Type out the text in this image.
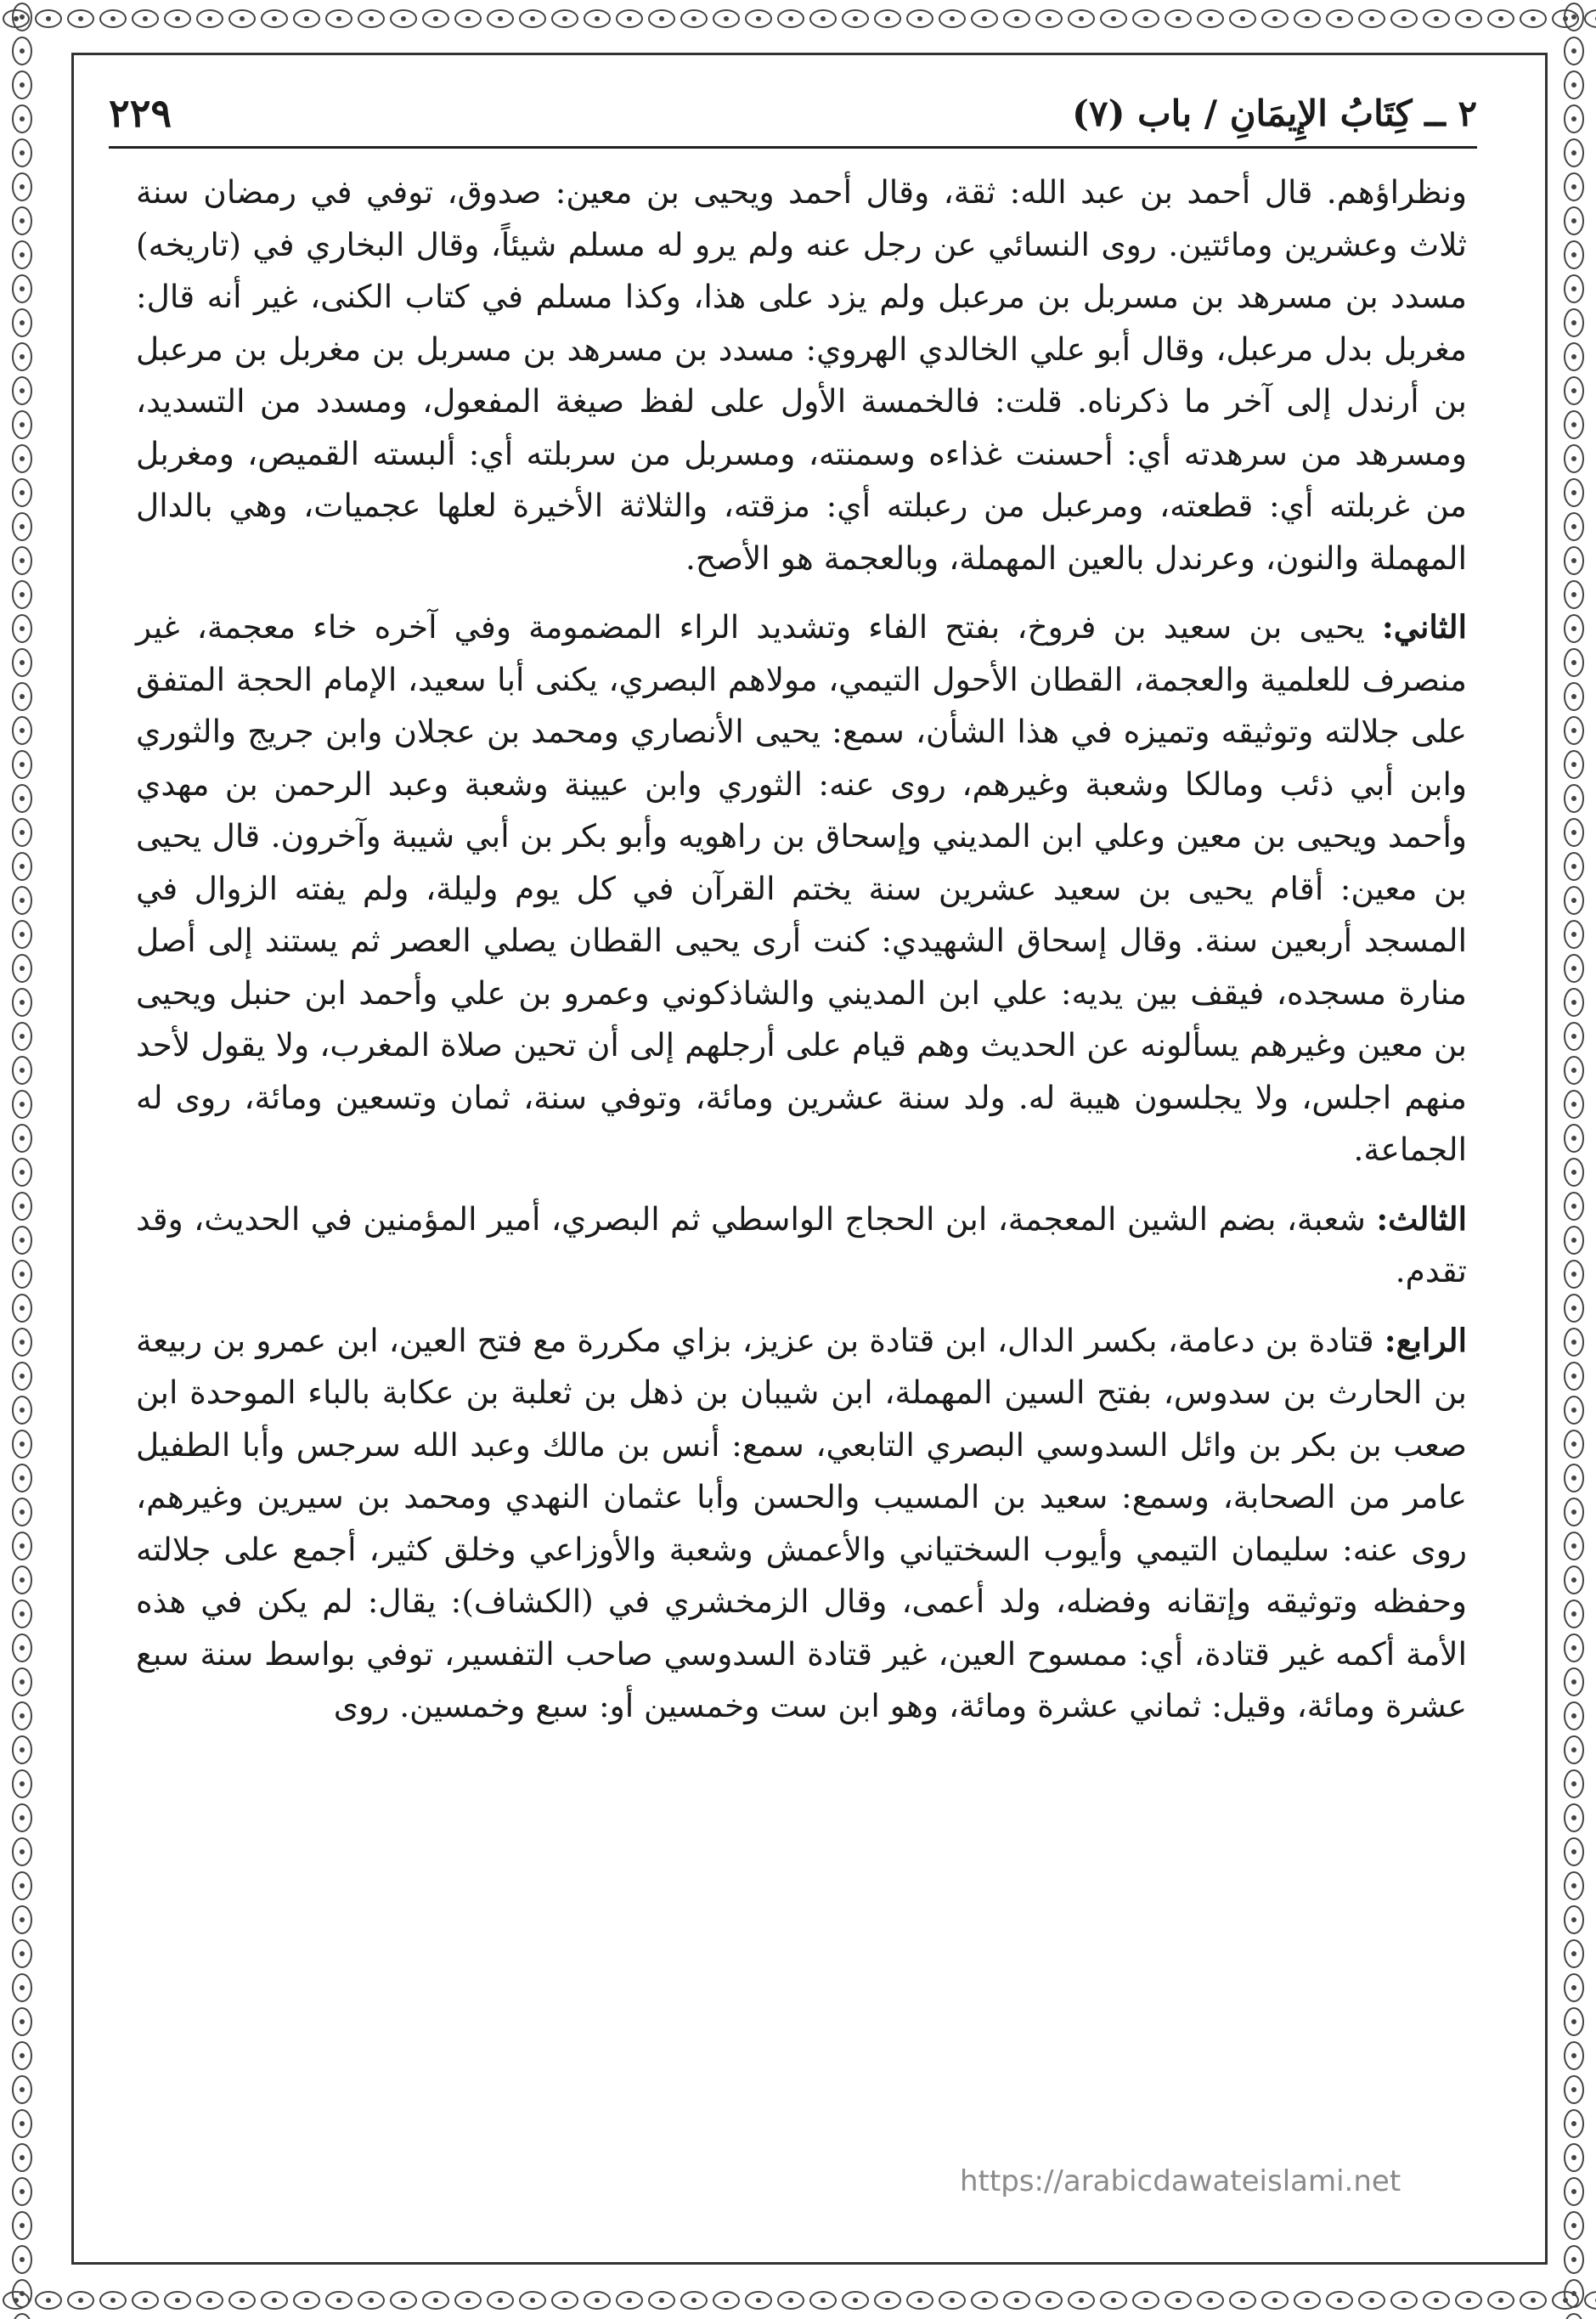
٢ ــ كِتَابُ الإِيمَانِ / باب (٧)
٢٢٩

ونظراؤهم. قال أحمد بن عبد الله: ثقة، وقال أحمد ويحيى بن معين: صدوق، توفي في رمضان سنة ثلاث وعشرين ومائتين. روى النسائي عن رجل عنه ولم يرو له مسلم شيئاً، وقال البخاري في (تاريخه) مسدد بن مسرهد بن مسربل بن مرعبل ولم يزد على هذا، وكذا مسلم في كتاب الكنى، غير أنه قال: مغربل بدل مرعبل، وقال أبو علي الخالدي الهروي: مسدد بن مسرهد بن مسربل بن مغربل بن مرعبل بن أرندل إلى آخر ما ذكرناه. قلت: فالخمسة الأول على لفظ صيغة المفعول، ومسدد من التسديد، ومسرهد من سرهدته أي: أحسنت غذاءه وسمنته، ومسربل من سربلته أي: ألبسته القميص، ومغربل من غربلته أي: قطعته، ومرعبل من رعبلته أي: مزقته، والثلاثة الأخيرة لعلها عجميات، وهي بالدال المهملة والنون، وعرندل بالعين المهملة، وبالعجمة هو الأصح.

الثاني: يحيى بن سعيد بن فروخ، بفتح الفاء وتشديد الراء المضمومة وفي آخره خاء معجمة، غير منصرف للعلمية والعجمة، القطان الأحول التيمي، مولاهم البصري، يكنى أبا سعيد، الإمام الحجة المتفق على جلالته وتوثيقه وتميزه في هذا الشأن، سمع: يحيى الأنصاري ومحمد بن عجلان وابن جريج والثوري وابن أبي ذئب ومالكا وشعبة وغيرهم، روى عنه: الثوري وابن عيينة وشعبة وعبد الرحمن بن مهدي وأحمد ويحيى بن معين وعلي ابن المديني وإسحاق بن راهويه وأبو بكر بن أبي شيبة وآخرون. قال يحيى بن معين: أقام يحيى بن سعيد عشرين سنة يختم القرآن في كل يوم وليلة، ولم يفته الزوال في المسجد أربعين سنة. وقال إسحاق الشهيدي: كنت أرى يحيى القطان يصلي العصر ثم يستند إلى أصل منارة مسجده، فيقف بين يديه: علي ابن المديني والشاذكوني وعمرو بن علي وأحمد ابن حنبل ويحيى بن معين وغيرهم يسألونه عن الحديث وهم قيام على أرجلهم إلى أن تحين صلاة المغرب، ولا يقول لأحد منهم اجلس، ولا يجلسون هيبة له. ولد سنة عشرين ومائة، وتوفي سنة، ثمان وتسعين ومائة، روى له الجماعة.

الثالث: شعبة، بضم الشين المعجمة، ابن الحجاج الواسطي ثم البصري، أمير المؤمنين في الحديث، وقد تقدم.

الرابع: قتادة بن دعامة، بكسر الدال، ابن قتادة بن عزيز، بزاي مكررة مع فتح العين، ابن عمرو بن ربيعة بن الحارث بن سدوس، بفتح السين المهملة، ابن شيبان بن ذهل بن ثعلبة بن عكابة بالباء الموحدة ابن صعب بن بكر بن وائل السدوسي البصري التابعي، سمع: أنس بن مالك وعبد الله سرجس وأبا الطفيل عامر من الصحابة، وسمع: سعيد بن المسيب والحسن وأبا عثمان النهدي ومحمد بن سيرين وغيرهم، روى عنه: سليمان التيمي وأيوب السختياني والأعمش وشعبة والأوزاعي وخلق كثير، أجمع على جلالته وحفظه وتوثيقه وإتقانه وفضله، ولد أعمى، وقال الزمخشري في (الكشاف): يقال: لم يكن في هذه الأمة أكمه غير قتادة، أي: ممسوح العين، غير قتادة السدوسي صاحب التفسير، توفي بواسط سنة سبع عشرة ومائة، وقيل: ثماني عشرة ومائة، وهو ابن ست وخمسين أو: سبع وخمسين. روى

https://arabicdawateislami.net
